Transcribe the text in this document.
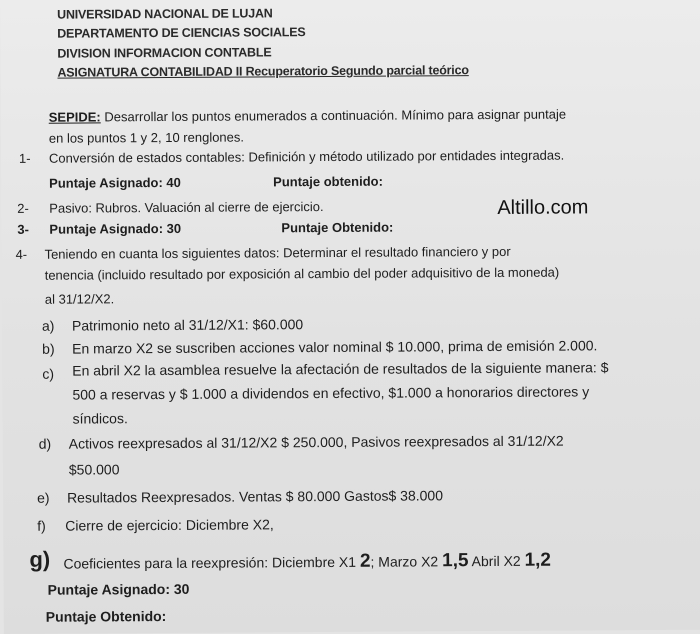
UNIVERSIDAD NACIONAL DE LUJAN
DEPARTAMENTO DE CIENCIAS SOCIALES
DIVISION INFORMACION CONTABLE
ASIGNATURA CONTABILIDAD II Recuperatorio Segundo parcial teórico
Altillo.com
SEPIDE: Desarrollar los puntos enumerados a continuación. Mínimo para asignar puntaje
en los puntos 1 y 2, 10 renglones.
1- Conversión de estados contables: Definición y método utilizado por entidades integradas.
Puntaje Asignado: 40	Puntaje obtenido:
2- Pasivo: Rubros. Valuación al cierre de ejercicio.
3- Puntaje Asignado: 30	Puntaje Obtenido:
4- Teniendo en cuanta los siguientes datos: Determinar el resultado financiero y por
tenencia (incluido resultado por exposición al cambio del poder adquisitivo de la moneda)
al 31/12/X2.
a) Patrimonio neto al 31/12/X1: $60.000
b) En marzo X2 se suscriben acciones valor nominal $ 10.000, prima de emisión 2.000.
c) En abril X2 la asamblea resuelve la afectación de resultados de la siguiente manera: $
500 a reservas y $ 1.000 a dividendos en efectivo, $1.000 a honorarios directores y
síndicos.
d) Activos reexpresados al 31/12/X2 $ 250.000, Pasivos reexpresados al 31/12/X2
$50.000
e) Resultados Reexpresados. Ventas $ 80.000 Gastos$ 38.000
f) Cierre de ejercicio: Diciembre X2,
g) Coeficientes para la reexpresión: Diciembre X1 2; Marzo X2 1,5 Abril X2 1,2
Puntaje Asignado: 30
Puntaje Obtenido:
